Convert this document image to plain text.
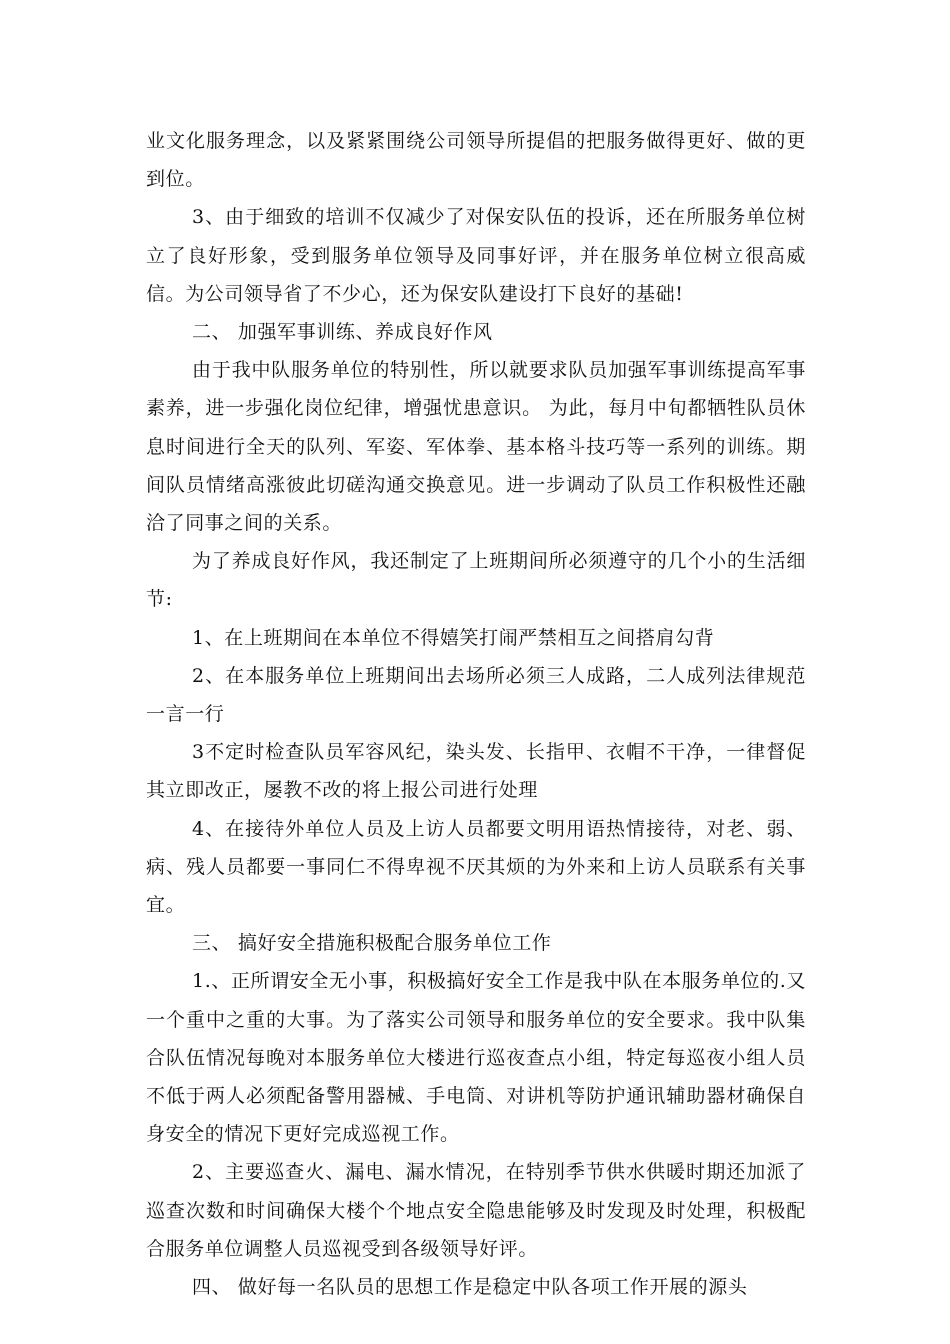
业文化服务理念，以及紧紧围绕公司领导所提倡的把服务做得更好、做的更到位。

3、由于细致的培训不仅减少了对保安队伍的投诉，还在所服务单位树立了良好形象，受到服务单位领导及同事好评，并在服务单位树立很高威信。为公司领导省了不少心，还为保安队建设打下良好的基础!

二、 加强军事训练、养成良好作风

由于我中队服务单位的特别性，所以就要求队员加强军事训练提高军事素养，进一步强化岗位纪律，增强忧患意识。 为此，每月中旬都牺牲队员休息时间进行全天的队列、军姿、军体拳、基本格斗技巧等一系列的训练。期间队员情绪高涨彼此切磋沟通交换意见。进一步调动了队员工作积极性还融洽了同事之间的关系。

为了养成良好作风，我还制定了上班期间所必须遵守的几个小的生活细节:

1、在上班期间在本单位不得嬉笑打闹严禁相互之间搭肩勾背

2、在本服务单位上班期间出去场所必须三人成路，二人成列法律规范一言一行

3不定时检查队员军容风纪，染头发、长指甲、衣帽不干净，一律督促其立即改正，屡教不改的将上报公司进行处理

4、在接待外单位人员及上访人员都要文明用语热情接待，对老、弱、病、残人员都要一事同仁不得卑视不厌其烦的为外来和上访人员联系有关事宜。

三、 搞好安全措施积极配合服务单位工作

1.、正所谓安全无小事，积极搞好安全工作是我中队在本服务单位的.又一个重中之重的大事。为了落实公司领导和服务单位的安全要求。我中队集合队伍情况每晚对本服务单位大楼进行巡夜查点小组，特定每巡夜小组人员不低于两人必须配备警用器械、手电筒、对讲机等防护通讯辅助器材确保自身安全的情况下更好完成巡视工作。

2、主要巡查火、漏电、漏水情况，在特别季节供水供暖时期还加派了巡查次数和时间确保大楼个个地点安全隐患能够及时发现及时处理，积极配合服务单位调整人员巡视受到各级领导好评。

四、 做好每一名队员的思想工作是稳定中队各项工作开展的源头
